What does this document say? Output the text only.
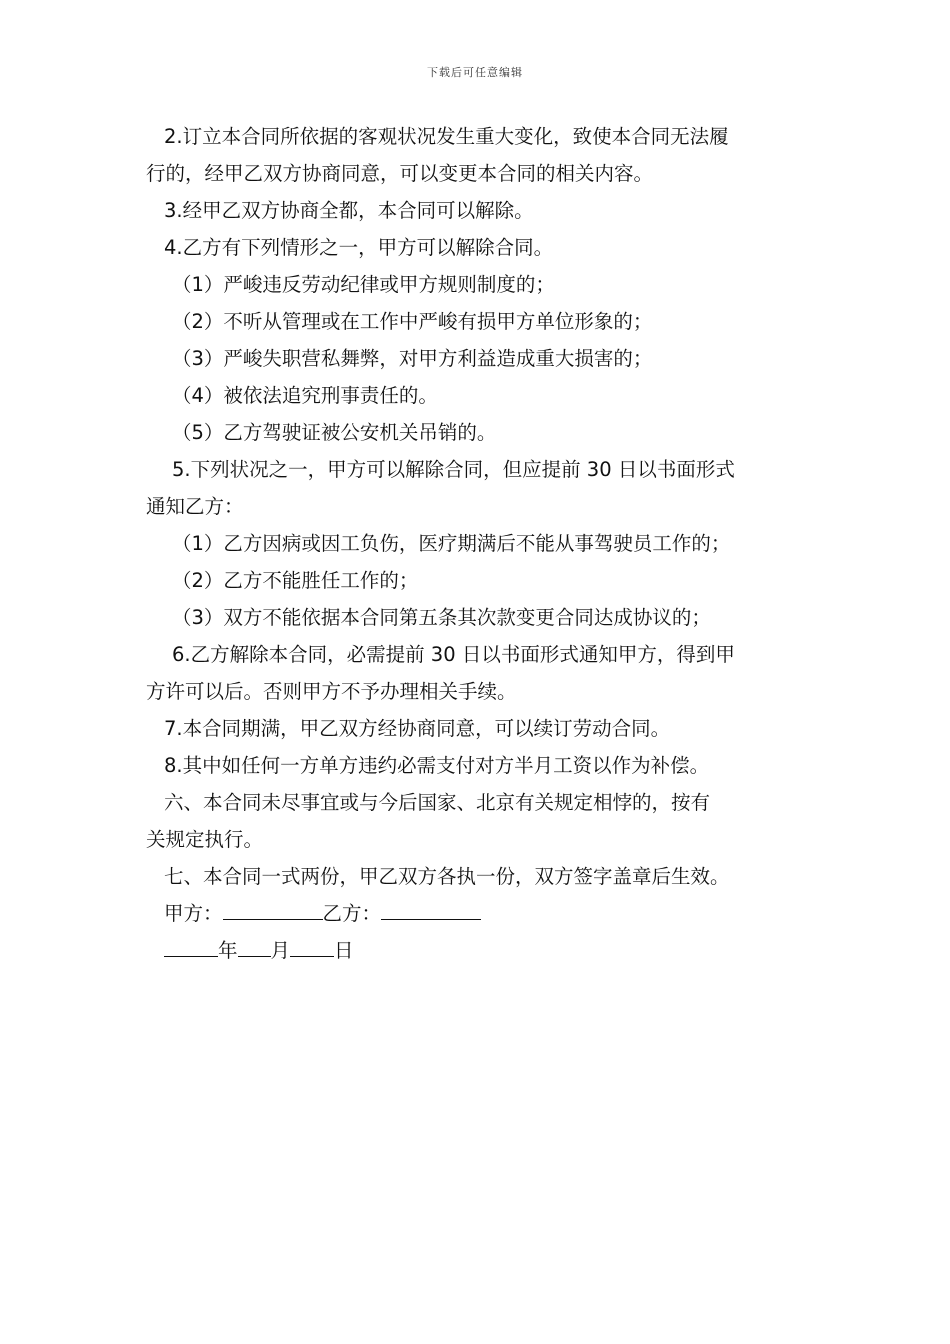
下载后可任意编辑

2.订立本合同所依据的客观状况发生重大变化，致使本合同无法履

行的，经甲乙双方协商同意，可以变更本合同的相关内容。

3.经甲乙双方协商全都，本合同可以解除。

4.乙方有下列情形之一，甲方可以解除合同。

（1）严峻违反劳动纪律或甲方规则制度的；

（2）不听从管理或在工作中严峻有损甲方单位形象的；

（3）严峻失职营私舞弊，对甲方利益造成重大损害的；

（4）被依法追究刑事责任的。

（5）乙方驾驶证被公安机关吊销的。

5.下列状况之一，甲方可以解除合同，但应提前 30 日以书面形式

通知乙方：

（1）乙方因病或因工负伤，医疗期满后不能从事驾驶员工作的；

（2）乙方不能胜任工作的；

（3）双方不能依据本合同第五条其次款变更合同达成协议的；

6.乙方解除本合同，必需提前 30 日以书面形式通知甲方，得到甲

方许可以后。否则甲方不予办理相关手续。

7.本合同期满，甲乙双方经协商同意，可以续订劳动合同。

8.其中如任何一方单方违约必需支付对方半月工资以作为补偿。

六、本合同未尽事宜或与今后国家、北京有关规定相悖的，按有

关规定执行。

七、本合同一式两份，甲乙双方各执一份，双方签字盖章后生效。

甲方：	乙方：

年 月 日
